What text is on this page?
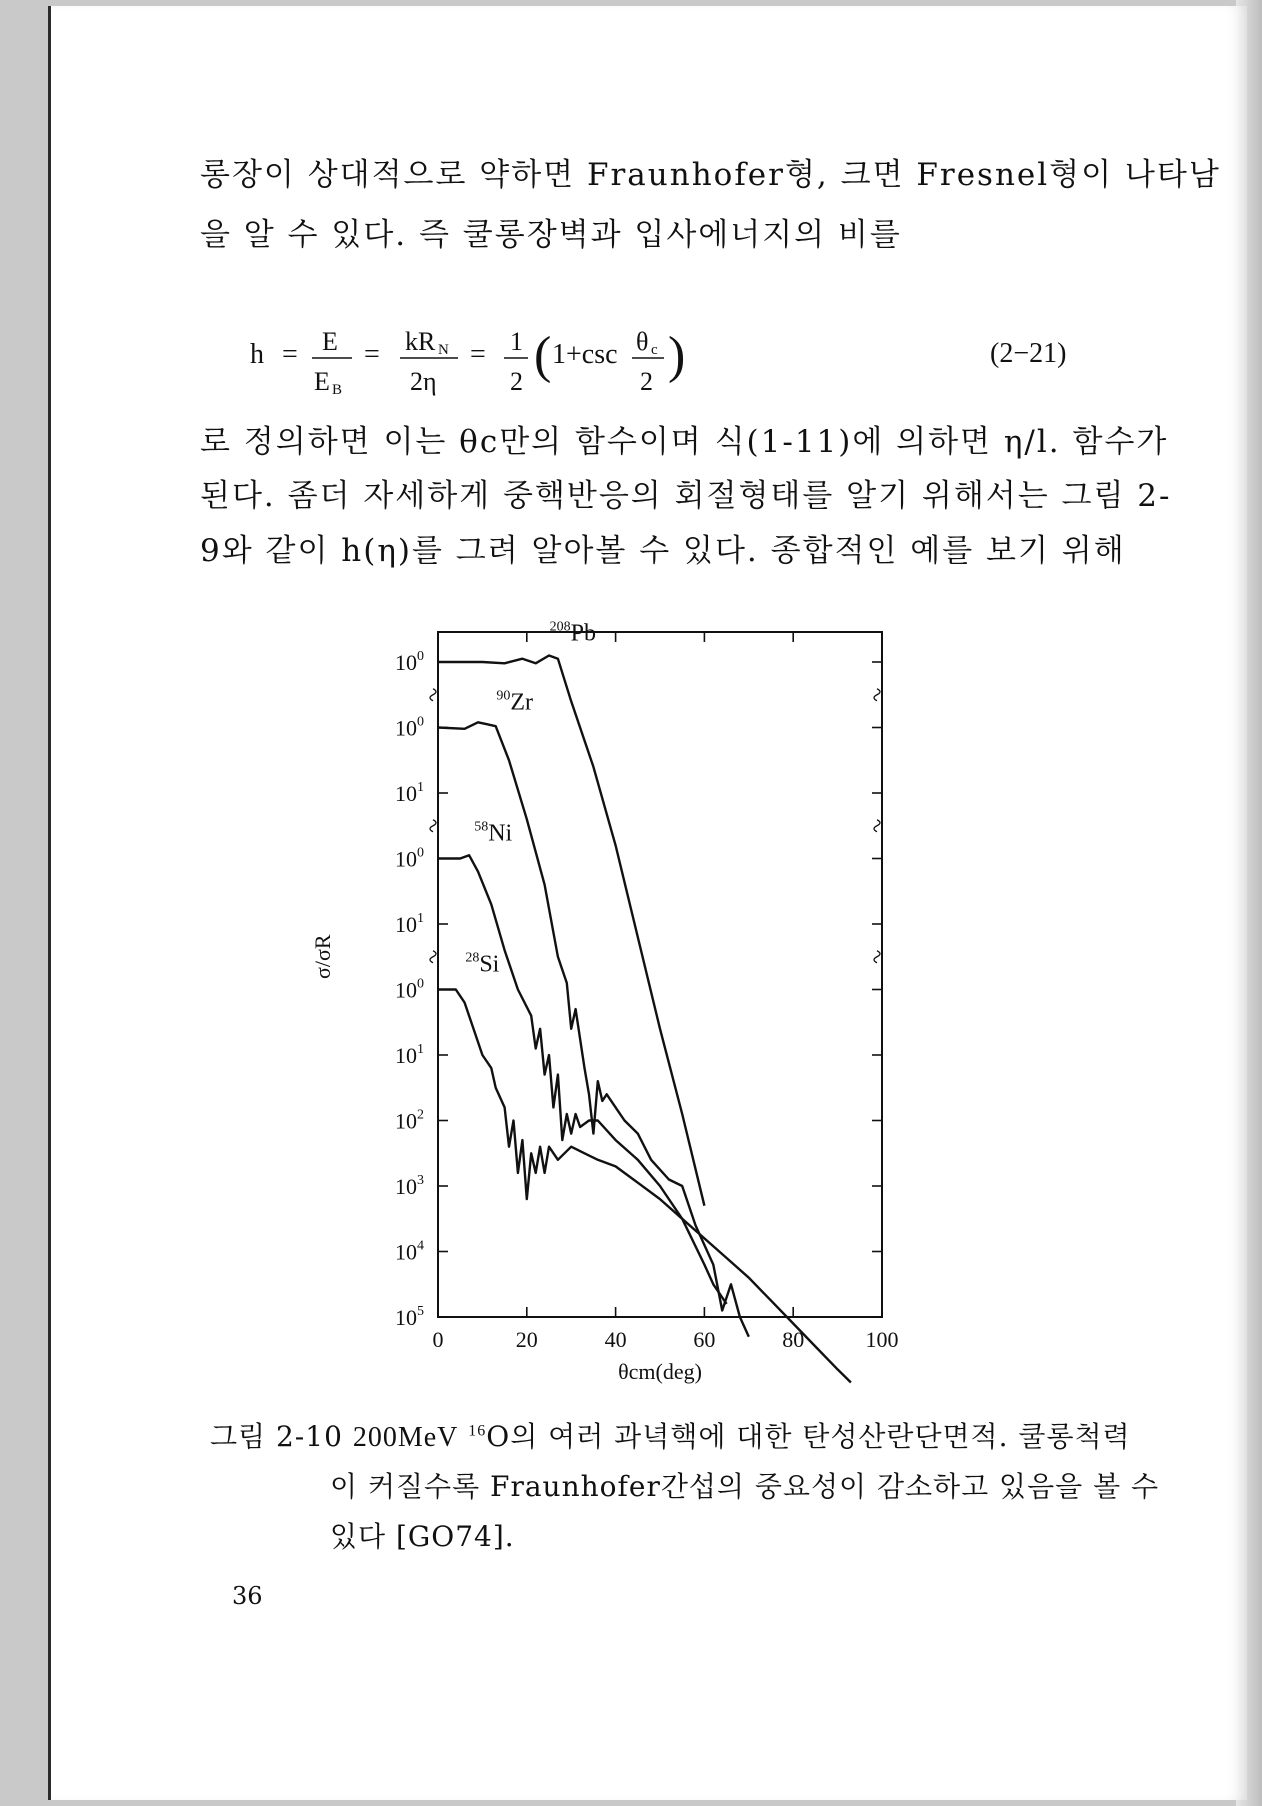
롱장이 상대적으로 약하면 Fraunhofer형, 크면 Fresnel형이 나타남
을 알 수 있다. 즉 쿨롱장벽과 입사에너지의 비를
h = E
E B
= kR N
2η
= 1
2 ( 1+csc θ c
2 )	(2−21)
로 정의하면 이는 θc만의 함수이며 식(1-11)에 의하면 η/l. 함수가
된다. 좀더 자세하게 중핵반응의 회절형태를 알기 위해서는 그림 2-
9와 같이 h(η)를 그려 알아볼 수 있다. 종합적인 예를 보기 위해
0	20	40	60	80	100
$10^0$
$10^0$
$10^1$
$10^0$
$10^1$
$10^0$
$10^1$
$10^2$
$10^3$
$10^4$
$10^5$
θcm(deg)
σ/σR
$^{208}$Pb
$^{90}$Zr
$^{58}$Ni
$^{28}$Si
그림 2-10 200MeV $^{16}$O의 여러 과녁핵에 대한 탄성산란단면적. 쿨롱척력
이 커질수록 Fraunhofer간섭의 중요성이 감소하고 있음을 볼 수
있다 [GO74].
36
